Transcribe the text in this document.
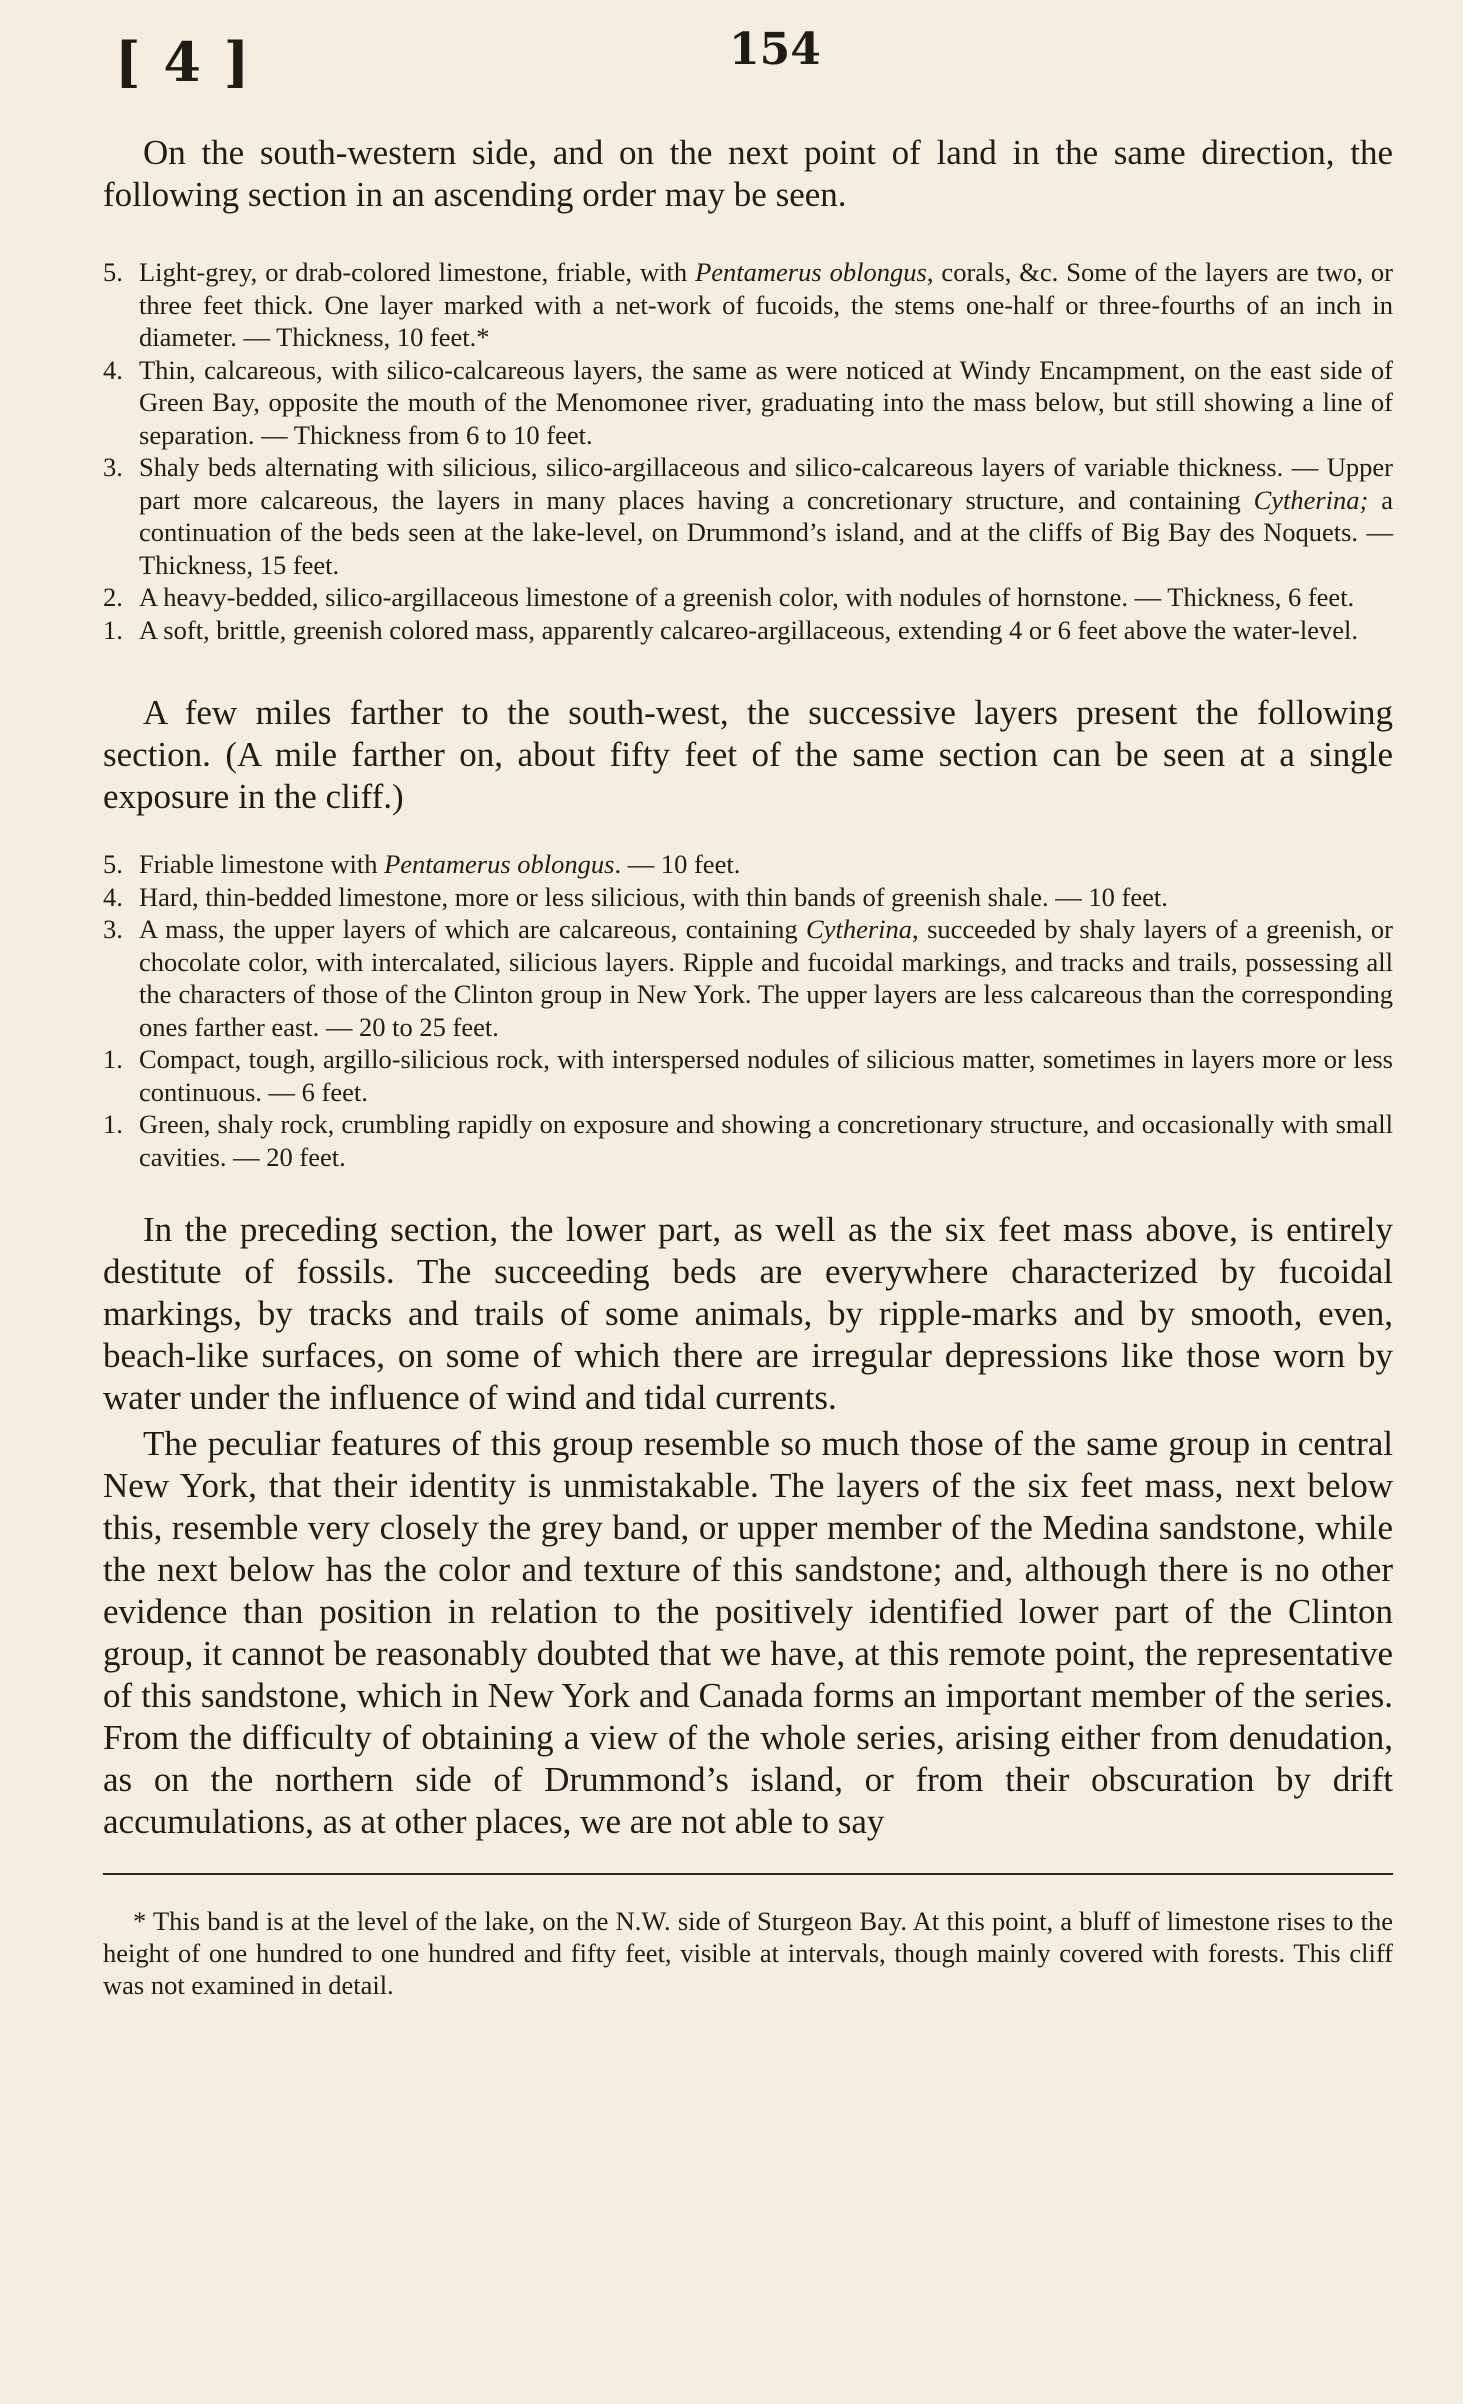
[ 4 ]	154

On the south-western side, and on the next point of land in the same direction, the following section in an ascending order may be seen.

5. Light-grey, or drab-colored limestone, friable, with Pentamerus oblongus, corals, &c. Some of the layers are two, or three feet thick. One layer marked with a net-work of fucoids, the stems one-half or three-fourths of an inch in diameter. — Thickness, 10 feet.*
4. Thin, calcareous, with silico-calcareous layers, the same as were noticed at Windy Encampment, on the east side of Green Bay, opposite the mouth of the Menomonee river, graduating into the mass below, but still showing a line of separation. — Thickness from 6 to 10 feet.
3. Shaly beds alternating with silicious, silico-argillaceous and silico-calcareous layers of variable thickness. — Upper part more calcareous, the layers in many places having a concretionary structure, and containing Cytherina; a continuation of the beds seen at the lake-level, on Drummond’s island, and at the cliffs of Big Bay des Noquets. — Thickness, 15 feet.
2. A heavy-bedded, silico-argillaceous limestone of a greenish color, with nodules of hornstone. — Thickness, 6 feet.
1. A soft, brittle, greenish colored mass, apparently calcareo-argillaceous, extending 4 or 6 feet above the water-level.

A few miles farther to the south-west, the successive layers present the following section. (A mile farther on, about fifty feet of the same section can be seen at a single exposure in the cliff.)

5. Friable limestone with Pentamerus oblongus. — 10 feet.
4. Hard, thin-bedded limestone, more or less silicious, with thin bands of greenish shale. — 10 feet.
3. A mass, the upper layers of which are calcareous, containing Cytherina, succeeded by shaly layers of a greenish, or chocolate color, with intercalated, silicious layers. Ripple and fucoidal markings, and tracks and trails, possessing all the characters of those of the Clinton group in New York. The upper layers are less calcareous than the corresponding ones farther east. — 20 to 25 feet.
1. Compact, tough, argillo-silicious rock, with interspersed nodules of silicious matter, sometimes in layers more or less continuous. — 6 feet.
1. Green, shaly rock, crumbling rapidly on exposure and showing a concretionary structure, and occasionally with small cavities. — 20 feet.

In the preceding section, the lower part, as well as the six feet mass above, is entirely destitute of fossils. The succeeding beds are everywhere characterized by fucoidal markings, by tracks and trails of some animals, by ripple-marks and by smooth, even, beach-like surfaces, on some of which there are irregular depressions like those worn by water under the influence of wind and tidal currents.

The peculiar features of this group resemble so much those of the same group in central New York, that their identity is unmistakable. The layers of the six feet mass, next below this, resemble very closely the grey band, or upper member of the Medina sandstone, while the next below has the color and texture of this sandstone; and, although there is no other evidence than position in relation to the positively identified lower part of the Clinton group, it cannot be reasonably doubted that we have, at this remote point, the representative of this sandstone, which in New York and Canada forms an important member of the series. From the difficulty of obtaining a view of the whole series, arising either from denudation, as on the northern side of Drummond’s island, or from their obscuration by drift accumulations, as at other places, we are not able to say

* This band is at the level of the lake, on the N.W. side of Sturgeon Bay. At this point, a bluff of limestone rises to the height of one hundred to one hundred and fifty feet, visible at intervals, though mainly covered with forests. This cliff was not examined in detail.
